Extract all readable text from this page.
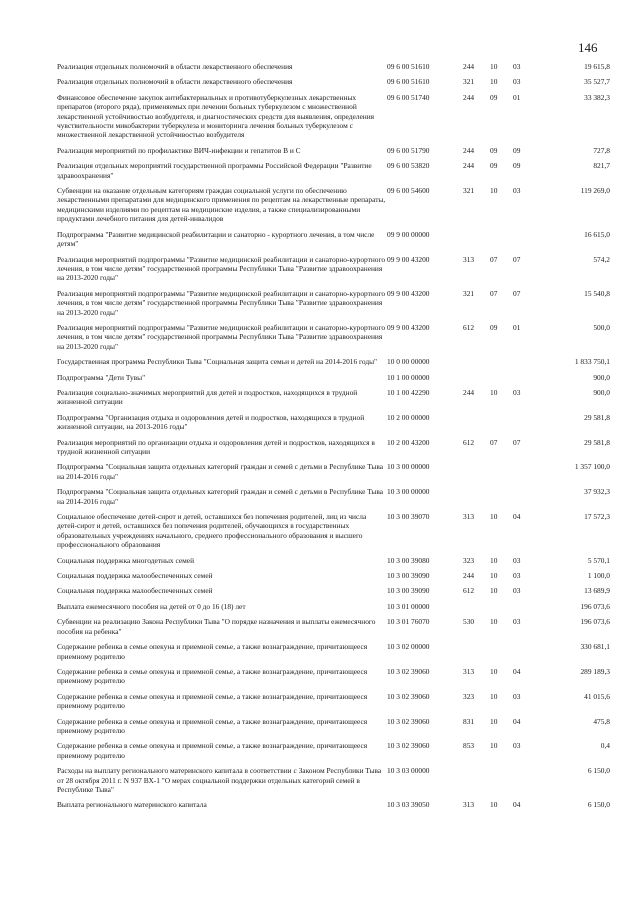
146
Реализация отдельных полномочий в области лекарственного обеспечения	09 6 00 51610	244	10	03	19 615,8
Реализация отдельных полномочий в области лекарственного обеспечения	09 6 00 51610	321	10	03	35 527,7
Финансовое обеспечение закупок антибактериальных и противотуберкулезных лекарственных препаратов (второго ряда), применяемых при лечении больных туберкулезом с множественной лекарственной устойчивостью возбудителя, и диагностических средств для выявления, определения чувствительности микобактерии туберкулеза и мониторинга лечения больных туберкулезом с множественной лекарственной устойчивостью возбудителя	09 6 00 51740	244	09	01	33 382,3
Реализация мероприятий по профилактике ВИЧ-инфекции и гепатитов B и C	09 6 00 51790	244	09	09	727,8
Реализация отдельных мероприятий государственной программы Российской Федерации "Развитие здравоохранения"	09 6 00 53820	244	09	09	821,7
Субвенции на оказание отдельным категориям граждан социальной услуги по обеспечению лекарственными препаратами для медицинского применения по рецептам на лекарственные препараты, медицинскими изделиями по рецептам на медицинские изделия, а также специализированными продуктами лечебного питания для детей-инвалидов	09 6 00 54600	321	10	03	119 269,0
Подпрограмма "Развитие медицинской реабилитации и санаторно - курортного лечения, в том числе детям"	09 9 00 00000				16 615,0
Реализация мероприятий подпрограммы "Развитие медицинской реабилитации и санаторно-курортного лечения, в том числе детям" государственной программы Республики Тыва "Развитие здравоохранения на 2013-2020 годы"	09 9 00 43200	313	07	07	574,2
Реализация мероприятий подпрограммы "Развитие медицинской реабилитации и санаторно-курортного лечения, в том числе детям" государственной программы Республики Тыва "Развитие здравоохранения на 2013-2020 годы"	09 9 00 43200	321	07	07	15 540,8
Реализация мероприятий подпрограммы "Развитие медицинской реабилитации и санаторно-курортного лечения, в том числе детям" государственной программы Республики Тыва "Развитие здравоохранения на 2013-2020 годы"	09 9 00 43200	612	09	01	500,0
Государственная программа Республики Тыва "Социальная защита семьи и детей на 2014-2016 годы"	10 0 00 00000				1 833 750,1
Подпрограмма "Дети Тувы"	10 1 00 00000				900,0
Реализация социально-значимых мероприятий для детей и подростков, находящихся в трудной жизненной ситуации	10 1 00 42290	244	10	03	900,0
Подпрограмма "Организация отдыха и оздоровления детей и подростков, находящихся в трудной жизненной ситуации, на 2013-2016 годы"	10 2 00 00000				29 581,8
Реализация мероприятий по организации отдыха и оздоровления детей и подростков, находящихся в трудной жизненной ситуации	10 2 00 43200	612	07	07	29 581,8
Подпрограмма "Социальная защита отдельных категорий граждан и семей с детьми в Республике Тыва на 2014-2016 годы"	10 3 00 00000				1 357 100,0
Подпрограмма "Социальная защита отдельных категорий граждан и семей с детьми в Республике Тыва на 2014-2016 годы"	10 3 00 00000				37 932,3
Социальное обеспечение детей-сирот и детей, оставшихся без попечения родителей, лиц из числа детей-сирот и детей, оставшихся без попечения родителей, обучающихся в государственных образовательных учреждениях начального, среднего профессионального образования и высшего профессионального образования	10 3 00 39070	313	10	04	17 572,3
Социальная поддержка многодетных семей	10 3 00 39080	323	10	03	5 570,1
Социальная поддержка малообеспеченных семей	10 3 00 39090	244	10	03	1 100,0
Социальная поддержка малообеспеченных семей	10 3 00 39090	612	10	03	13 689,9
Выплата ежемесячного пособия на детей от 0 до 16 (18) лет	10 3 01 00000				196 073,6
Субвенции на реализацию Закона Республики Тыва "О порядке назначения и выплаты ежемесячного пособия на ребенка"	10 3 01 76070	530	10	03	196 073,6
Содержание ребенка в семье опекуна и приемной семье, а также вознаграждение, причитающееся приемному родителю	10 3 02 00000				330 681,1
Содержание ребенка в семье опекуна и приемной семье, а также вознаграждение, причитающееся приемному родителю	10 3 02 39060	313	10	04	289 189,3
Содержание ребенка в семье опекуна и приемной семье, а также вознаграждение, причитающееся приемному родителю	10 3 02 39060	323	10	03	41 015,6
Содержание ребенка в семье опекуна и приемной семье, а также вознаграждение, причитающееся приемному родителю	10 3 02 39060	831	10	04	475,8
Содержание ребенка в семье опекуна и приемной семье, а также вознаграждение, причитающееся приемному родителю	10 3 02 39060	853	10	03	0,4
Расходы на выплату регионального материнского капитала в соответствии с Законом Республики Тыва от 28 октября 2011 г. N 937 ВХ-1 "О мерах социальной поддержки отдельных категорий семей в Республике Тыва"	10 3 03 00000				6 150,0
Выплата регионального материнского капитала	10 3 03 39050	313	10	04	6 150,0
